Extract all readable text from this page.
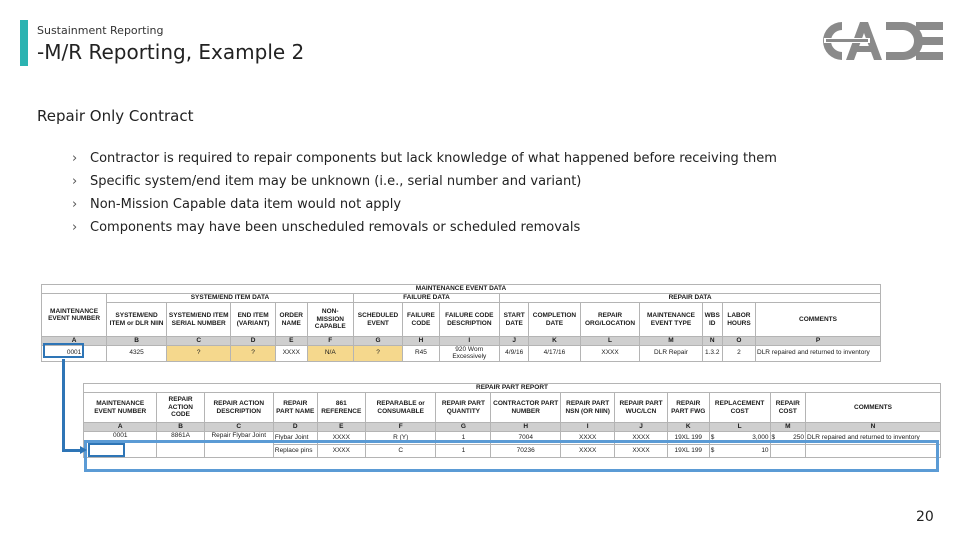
Sustainment Reporting
-M/R Reporting, Example 2
Repair Only Contract
› Contractor is required to repair components but lack knowledge of what happened before receiving them
› Specific system/end item may be unknown (i.e., serial number and variant)
› Non-Mission Capable data item would not apply
› Components may have been unscheduled removals or scheduled removals
MAINTENANCE EVENT DATA															
MAINTENANCE EVENT NUMBER	SYSTEM/END ITEM DATA					FAILURE DATA			REPAIR DATA						
	SYSTEM/END ITEM or DLR NIIN	SYSTEM/END ITEM SERIAL NUMBER	END ITEM (VARIANT)	ORDER NAME	NON-MISSION CAPABLE	SCHEDULED EVENT	FAILURE CODE	FAILURE CODE DESCRIPTION	START DATE	COMPLETION DATE	REPAIR ORG/LOCATION	MAINTENANCE EVENT TYPE	WBS ID	LABOR HOURS	COMMENTS
A	B	C	D	E	F	G	H	I	J	K	L	M	N	O	P
0001	4325	?	?	XXXX	N/A	?	R45	920 Worn Excessively	4/9/16	4/17/16	XXXX	DLR Repair	1.3.2	2	DLR repaired and returned to inventory
REPAIR PART REPORT															
MAINTENANCE EVENT NUMBER	REPAIR ACTION CODE	REPAIR ACTION DESCRIPTION	REPAIR PART NAME	861 REFERENCE	REPARABLE or CONSUMABLE	REPAIR PART QUANTITY	CONTRACTOR PART NUMBER	REPAIR PART NSN (OR NIIN)	REPAIR PART WUC/LCN	REPAIR PART FWG	REPLACEMENT COST		REPAIR COST		COMMENTS
A	B	C	D	E	F	G	H	I	J	K	L		M		N
0001	8861A	Repair Flybar Joint	Flybar Joint	XXXX	R (Y)	1	7004	XXXX	XXXX	19XL 199	$	3,000	$	250	DLR repaired and returned to inventory
			Replace pins	XXXX	C	1	70236	XXXX	XXXX	19XL 199	$	10			
20
